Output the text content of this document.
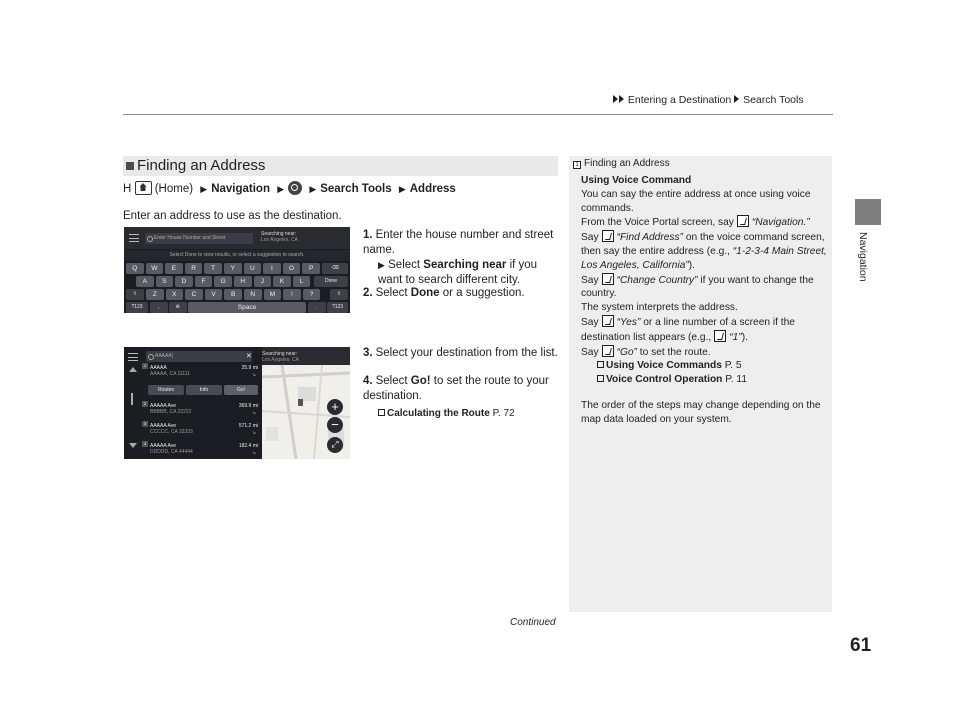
Entering a Destination Search Tools
Navigation
61
Continued
Finding an Address
H (Home) ▶ Navigation ▶	▶ Search Tools ▶ Address
Enter an address to use as the destination.
Enter House Number and Street
Searching near:
Los Angeles, CA
Select Done to view results, or select a suggestion to search.
Q	W	E	R	T	Y	U	I	O	P	⌫
A	S	D	F	G	H	J	K	L	Done
⇧	Z	X	C	V	B	N	M	!	?	⇧
?123	,	⊕	Space	.	?123
1. Enter the house number and street name.
▶ Select Searching near if you want to search different city.
2. Select Done or a suggestion.
AAAAA|	✕
1 AAAAA
AAAAA, CA 11111
25.9 mi
↘
Routes	Info	Go!
2 AAAAA Ave
BBBBB, CA 22222
369.9 mi
↘
3 AAAAA Ave
CCCCC, CA 33333
571.2 mi
↘
4 AAAAA Ave
DDDDD, CA 44444
182.4 mi
↘
Searching near:
Los Angeles, CA
+
−
⤢
3. Select your destination from the list.
4. Select Go! to set the route to your destination.
Calculating the Route P. 72
1 Finding an Address
Using Voice Command
You can say the entire address at once using voice commands.
From the Voice Portal screen, say “Navigation.”
Say “Find Address” on the voice command screen, then say the entire address (e.g., “1-2-3-4 Main Street, Los Angeles, California”).
Say “Change Country” if you want to change the country.
The system interprets the address.
Say “Yes” or a line number of a screen if the destination list appears (e.g., “1”).
Say “Go” to set the route.
Using Voice Commands P. 5
Voice Control Operation P. 11
The order of the steps may change depending on the map data loaded on your system.
